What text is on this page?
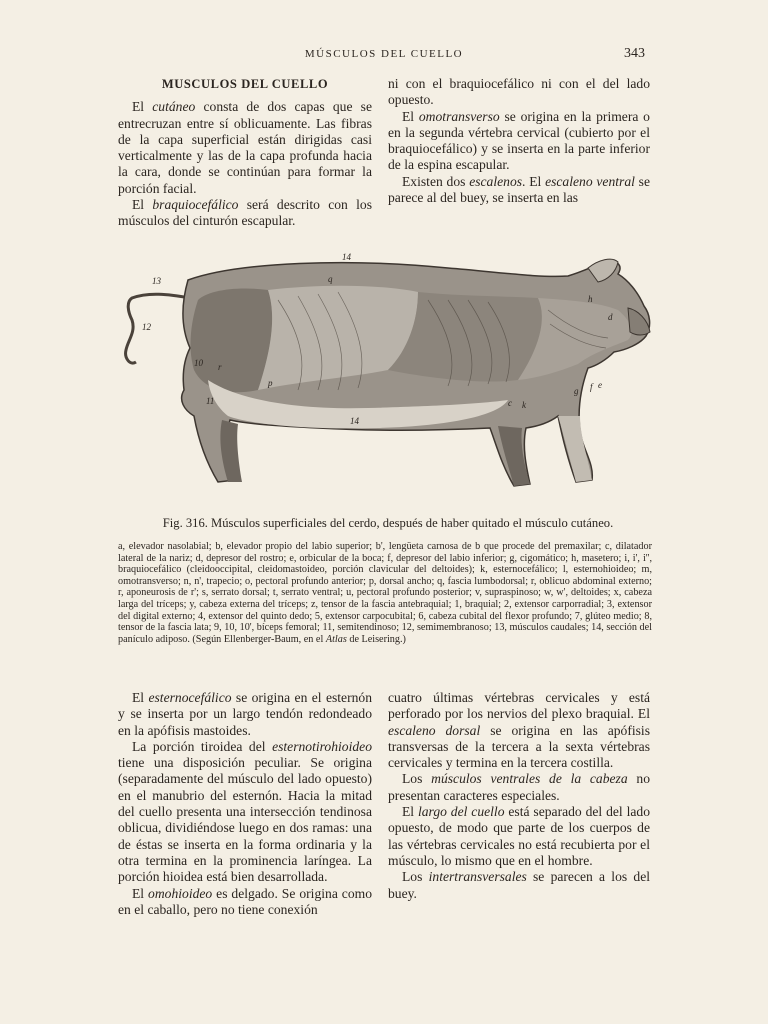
MÚSCULOS DEL CUELLO	343

MUSCULOS DEL CUELLO

El cutáneo consta de dos capas que se entrecruzan entre sí oblicuamente. Las fibras de la capa superficial están dirigidas casi verticalmente y las de la capa profunda hacia la cara, donde se continúan para formar la porción facial.

El braquiocefálico será descrito con los músculos del cinturón escapular.

ni con el braquiocefálico ni con el del lado opuesto.

El omotransverso se origina en la primera o en la segunda vértebra cervical (cubierto por el braquiocefálico) y se inserta en la parte inferior de la espina escapular.

Existen dos escalenos. El escaleno ventral se parece al del buey, se inserta en las

14
13
12
q
r
p
h
d
e
f
g
k
c
14
11
10
Fig. 316. Músculos superficiales del cerdo, después de haber quitado el músculo cutáneo.
a, elevador nasolabial; b, elevador propio del labio superior; b', lengüeta carnosa de b que procede del premaxilar; c, dilatador lateral de la nariz; d, depresor del rostro; e, orbicular de la boca; f, depresor del labio inferior; g, cigomático; h, masetero; i, i', i'', braquiocefálico (cleidooccipital, cleidomastoideo, porción clavicular del deltoides); k, esternocefálico; l, esternohioideo; m, omotransverso; n, n', trapecio; o, pectoral profundo anterior; p, dorsal ancho; q, fascia lumbodorsal; r, oblicuo abdominal externo; r, aponeurosis de r'; s, serrato dorsal; t, serrato ventral; u, pectoral profundo posterior; v, supraspinoso; w, w', deltoides; x, cabeza larga del tríceps; y, cabeza externa del tríceps; z, tensor de la fascia antebraquial; 1, braquial; 2, extensor carporradial; 3, extensor del digital externo; 4, extensor del quinto dedo; 5, extensor carpocubital; 6, cabeza cubital del flexor profundo; 7, glúteo medio; 8, tensor de la fascia lata; 9, 10, 10', bíceps femoral; 11, semitendinoso; 12, semimembranoso; 13, músculos caudales; 14, sección del panículo adiposo. (Según Ellenberger-Baum, en el Atlas de Leisering.)

El esternocefálico se origina en el esternón y se inserta por un largo tendón redondeado en la apófisis mastoides.

La porción tiroidea del esternotirohioideo tiene una disposición peculiar. Se origina (separadamente del músculo del lado opuesto) en el manubrio del esternón. Hacia la mitad del cuello presenta una intersección tendinosa oblicua, dividiéndose luego en dos ramas: una de éstas se inserta en la forma ordinaria y la otra termina en la prominencia laríngea. La porción hioidea está bien desarrollada.

El omohioideo es delgado. Se origina como en el caballo, pero no tiene conexión

cuatro últimas vértebras cervicales y está perforado por los nervios del plexo braquial. El escaleno dorsal se origina en las apófisis transversas de la tercera a la sexta vértebras cervicales y termina en la tercera costilla.

Los músculos ventrales de la cabeza no presentan caracteres especiales.

El largo del cuello está separado del del lado opuesto, de modo que parte de los cuerpos de las vértebras cervicales no está recubierta por el músculo, lo mismo que en el hombre.

Los intertransversales se parecen a los del buey.
